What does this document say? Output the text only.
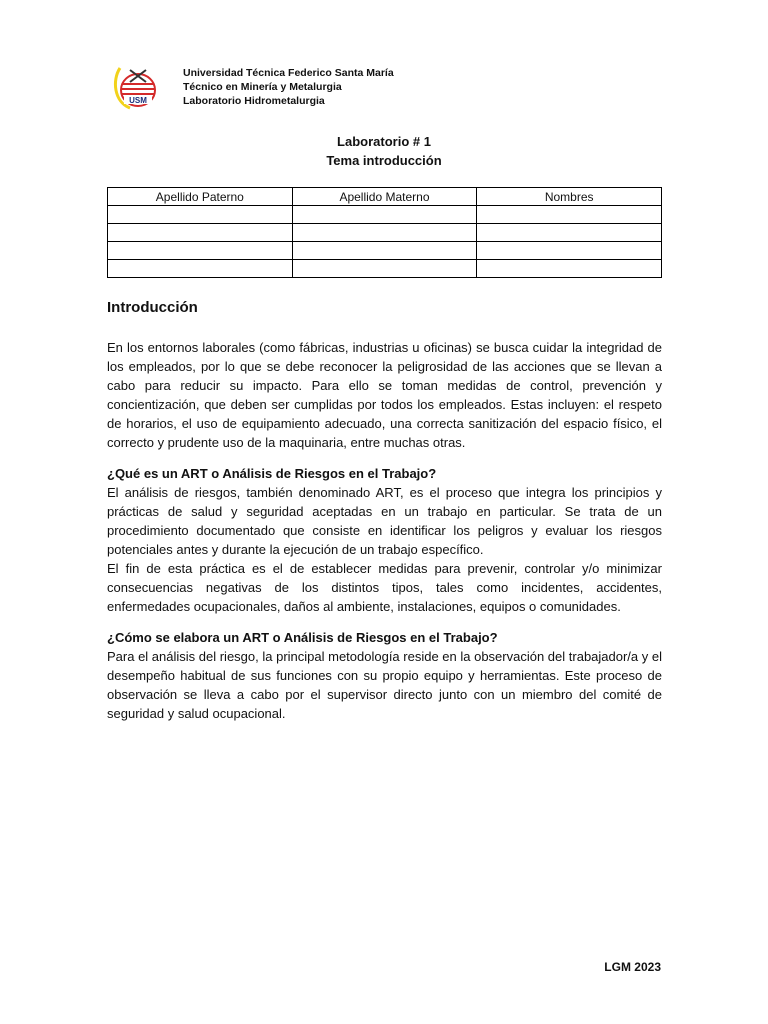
USM
Universidad Técnica Federico Santa María
Técnico en Minería y Metalurgia
Laboratorio Hidrometalurgia
Laboratorio # 1
Tema introducción
Apellido Paterno	Apellido Materno	Nombres

Introducción
En los entornos laborales (como fábricas, industrias u oficinas) se busca cuidar la integridad de los empleados, por lo que se debe reconocer la peligrosidad de las acciones que se llevan a cabo para reducir su impacto. Para ello se toman medidas de control, prevención y concientización, que deben ser cumplidas por todos los empleados. Estas incluyen: el respeto de horarios, el uso de equipamiento adecuado, una correcta sanitización del espacio físico, el correcto y prudente uso de la maquinaria, entre muchas otras.
¿Qué es un ART o Análisis de Riesgos en el Trabajo?
El análisis de riesgos, también denominado ART, es el proceso que integra los principios y prácticas de salud y seguridad aceptadas en un trabajo en particular. Se trata de un procedimiento documentado que consiste en identificar los peligros y evaluar los riesgos potenciales antes y durante la ejecución de un trabajo específico.
El fin de esta práctica es el de establecer medidas para prevenir, controlar y/o minimizar consecuencias negativas de los distintos tipos, tales como incidentes, accidentes, enfermedades ocupacionales, daños al ambiente, instalaciones, equipos o comunidades.
¿Cómo se elabora un ART o Análisis de Riesgos en el Trabajo?
Para el análisis del riesgo, la principal metodología reside en la observación del trabajador/a y el desempeño habitual de sus funciones con su propio equipo y herramientas. Este proceso de observación se lleva a cabo por el supervisor directo junto con un miembro del comité de seguridad y salud ocupacional.
LGM 2023
